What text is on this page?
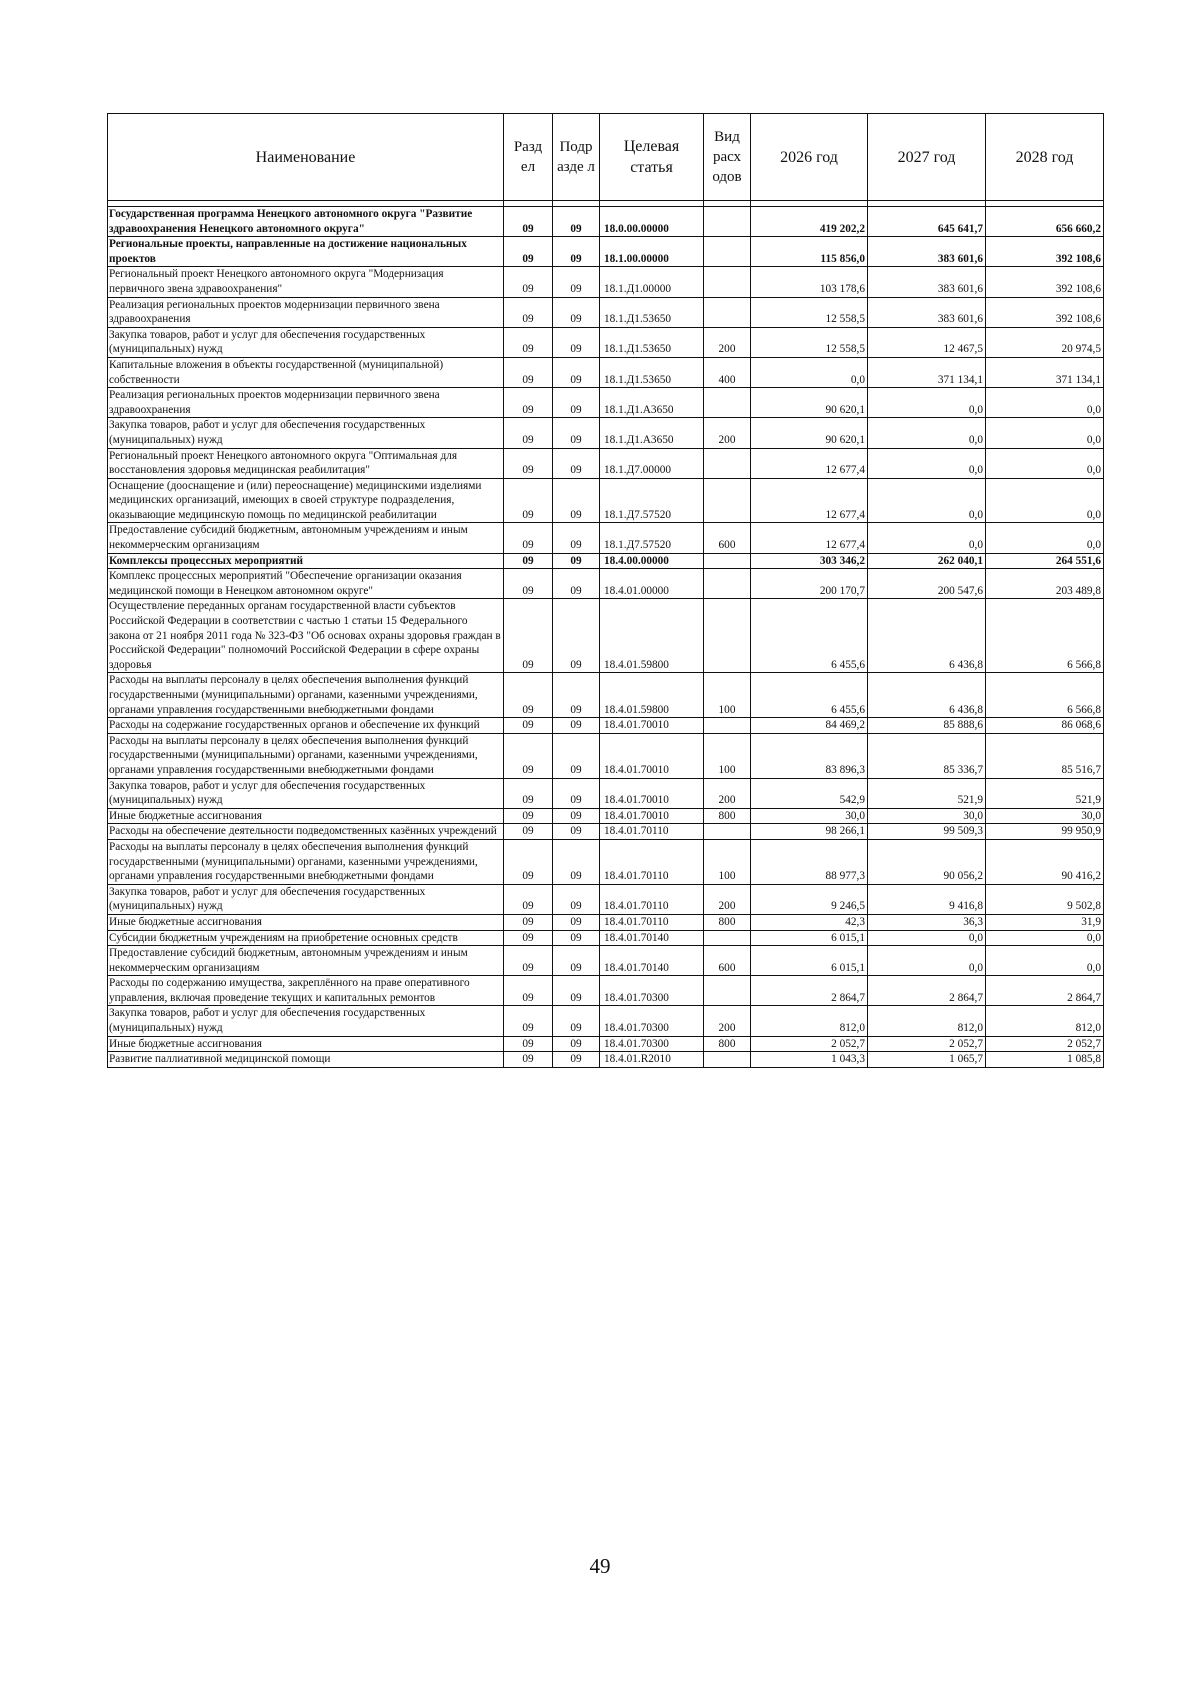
Наименование	Разд ел	Подр азде л	Целевая статья	Вид расх одов	2026 год	2027 год	2028 год

Государственная программа Ненецкого автономного округа "Развитие здравоохранения Ненецкого автономного округа"	09	09	18.0.00.00000		419 202,2	645 641,7	656 660,2
Региональные проекты, направленные на достижение национальных проектов	09	09	18.1.00.00000		115 856,0	383 601,6	392 108,6
Региональный проект Ненецкого автономного округа "Модернизация первичного звена здравоохранения"	09	09	18.1.Д1.00000		103 178,6	383 601,6	392 108,6
Реализация региональных проектов модернизации первичного звена здравоохранения	09	09	18.1.Д1.53650		12 558,5	383 601,6	392 108,6
Закупка товаров, работ и услуг для обеспечения государственных (муниципальных) нужд	09	09	18.1.Д1.53650	200	12 558,5	12 467,5	20 974,5
Капитальные вложения в объекты государственной (муниципальной) собственности	09	09	18.1.Д1.53650	400	0,0	371 134,1	371 134,1
Реализация региональных проектов модернизации первичного звена здравоохранения	09	09	18.1.Д1.А3650		90 620,1	0,0	0,0
Закупка товаров, работ и услуг для обеспечения государственных (муниципальных) нужд	09	09	18.1.Д1.А3650	200	90 620,1	0,0	0,0
Региональный проект Ненецкого автономного округа "Оптимальная для восстановления здоровья медицинская реабилитация"	09	09	18.1.Д7.00000		12 677,4	0,0	0,0
Оснащение (дооснащение и (или) переоснащение) медицинскими изделиями медицинских организаций, имеющих в своей структуре подразделения, оказывающие медицинскую помощь по медицинской реабилитации	09	09	18.1.Д7.57520		12 677,4	0,0	0,0
Предоставление субсидий бюджетным, автономным учреждениям и иным некоммерческим организациям	09	09	18.1.Д7.57520	600	12 677,4	0,0	0,0
Комплексы процессных мероприятий	09	09	18.4.00.00000		303 346,2	262 040,1	264 551,6
Комплекс процессных мероприятий "Обеспечение организации оказания медицинской помощи в Ненецком автономном округе"	09	09	18.4.01.00000		200 170,7	200 547,6	203 489,8
Осуществление переданных органам государственной власти субъектов Российской Федерации в соответствии с частью 1 статьи 15 Федерального закона от 21 ноября 2011 года № 323-ФЗ "Об основах охраны здоровья граждан в Российской Федерации" полномочий Российской Федерации в сфере охраны здоровья	09	09	18.4.01.59800		6 455,6	6 436,8	6 566,8
Расходы на выплаты персоналу в целях обеспечения выполнения функций государственными (муниципальными) органами, казенными учреждениями, органами управления государственными внебюджетными фондами	09	09	18.4.01.59800	100	6 455,6	6 436,8	6 566,8
Расходы на содержание государственных органов и обеспечение их функций	09	09	18.4.01.70010		84 469,2	85 888,6	86 068,6
Расходы на выплаты персоналу в целях обеспечения выполнения функций государственными (муниципальными) органами, казенными учреждениями, органами управления государственными внебюджетными фондами	09	09	18.4.01.70010	100	83 896,3	85 336,7	85 516,7
Закупка товаров, работ и услуг для обеспечения государственных (муниципальных) нужд	09	09	18.4.01.70010	200	542,9	521,9	521,9
Иные бюджетные ассигнования	09	09	18.4.01.70010	800	30,0	30,0	30,0
Расходы на обеспечение деятельности подведомственных казённых учреждений	09	09	18.4.01.70110		98 266,1	99 509,3	99 950,9
Расходы на выплаты персоналу в целях обеспечения выполнения функций государственными (муниципальными) органами, казенными учреждениями, органами управления государственными внебюджетными фондами	09	09	18.4.01.70110	100	88 977,3	90 056,2	90 416,2
Закупка товаров, работ и услуг для обеспечения государственных (муниципальных) нужд	09	09	18.4.01.70110	200	9 246,5	9 416,8	9 502,8
Иные бюджетные ассигнования	09	09	18.4.01.70110	800	42,3	36,3	31,9
Субсидии бюджетным учреждениям на приобретение основных средств	09	09	18.4.01.70140		6 015,1	0,0	0,0
Предоставление субсидий бюджетным, автономным учреждениям и иным некоммерческим организациям	09	09	18.4.01.70140	600	6 015,1	0,0	0,0
Расходы по содержанию имущества, закреплённого на праве оперативного управления, включая проведение текущих и капитальных ремонтов	09	09	18.4.01.70300		2 864,7	2 864,7	2 864,7
Закупка товаров, работ и услуг для обеспечения государственных (муниципальных) нужд	09	09	18.4.01.70300	200	812,0	812,0	812,0
Иные бюджетные ассигнования	09	09	18.4.01.70300	800	2 052,7	2 052,7	2 052,7
Развитие паллиативной медицинской помощи	09	09	18.4.01.R2010		1 043,3	1 065,7	1 085,8
49
